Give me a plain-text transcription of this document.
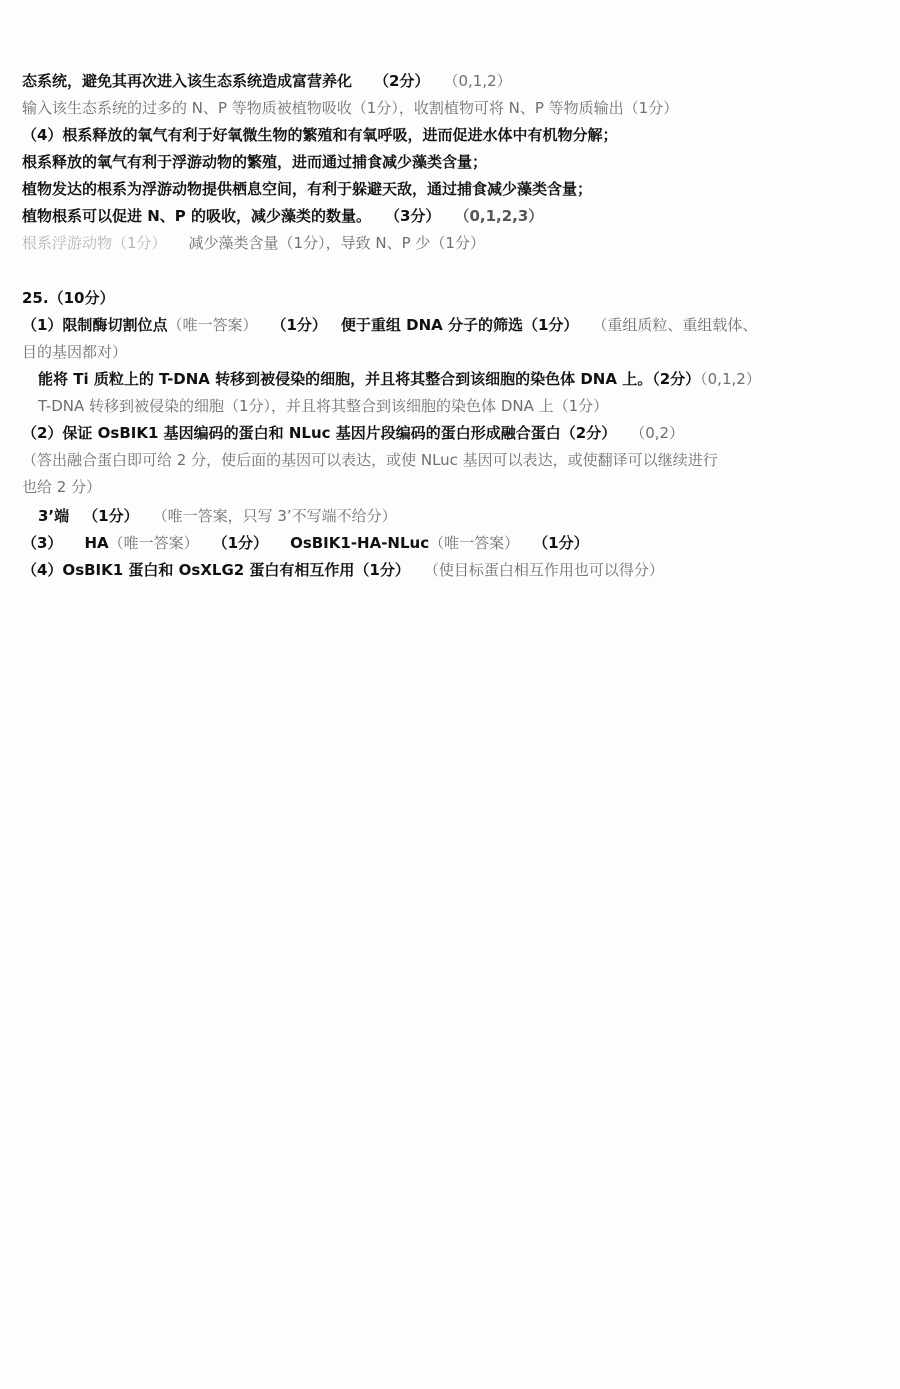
态系统，避免其再次进入该生态系统造成富营养化 （2分） （0,1,2）
输入该生态系统的过多的 N、P 等物质被植物吸收（1分），收割植物可将 N、P 等物质输出（1分）
（4）根系释放的氧气有利于好氧微生物的繁殖和有氧呼吸，进而促进水体中有机物分解；
根系释放的氧气有利于浮游动物的繁殖，进而通过捕食减少藻类含量；
植物发达的根系为浮游动物提供栖息空间，有利于躲避天敌，通过捕食减少藻类含量；
植物根系可以促进 N、P 的吸收，减少藻类的数量。 （3分） （0,1,2,3）
根系浮游动物（1分） 减少藻类含量（1分），导致 N、P 少（1分）
25.（10分）
（1）限制酶切割位点（唯一答案） （1分） 便于重组 DNA 分子的筛选（1分） （重组质粒、重组载体、
目的基因都对）
能将 Ti 质粒上的 T-DNA 转移到被侵染的细胞，并且将其整合到该细胞的染色体 DNA 上。（2分）（0,1,2）
T-DNA 转移到被侵染的细胞（1分），并且将其整合到该细胞的染色体 DNA 上（1分）
（2）保证 OsBIK1 基因编码的蛋白和 NLuc 基因片段编码的蛋白形成融合蛋白（2分） （0,2）
（答出融合蛋白即可给 2 分，使后面的基因可以表达，或使 NLuc 基因可以表达，或使翻译可以继续进行
也给 2 分）
3’端 （1分） （唯一答案，只写 3’不写端不给分）
（3） HA（唯一答案） （1分） OsBIK1-HA-NLuc（唯一答案） （1分）
（4）OsBIK1 蛋白和 OsXLG2 蛋白有相互作用（1分） （使目标蛋白相互作用也可以得分）
